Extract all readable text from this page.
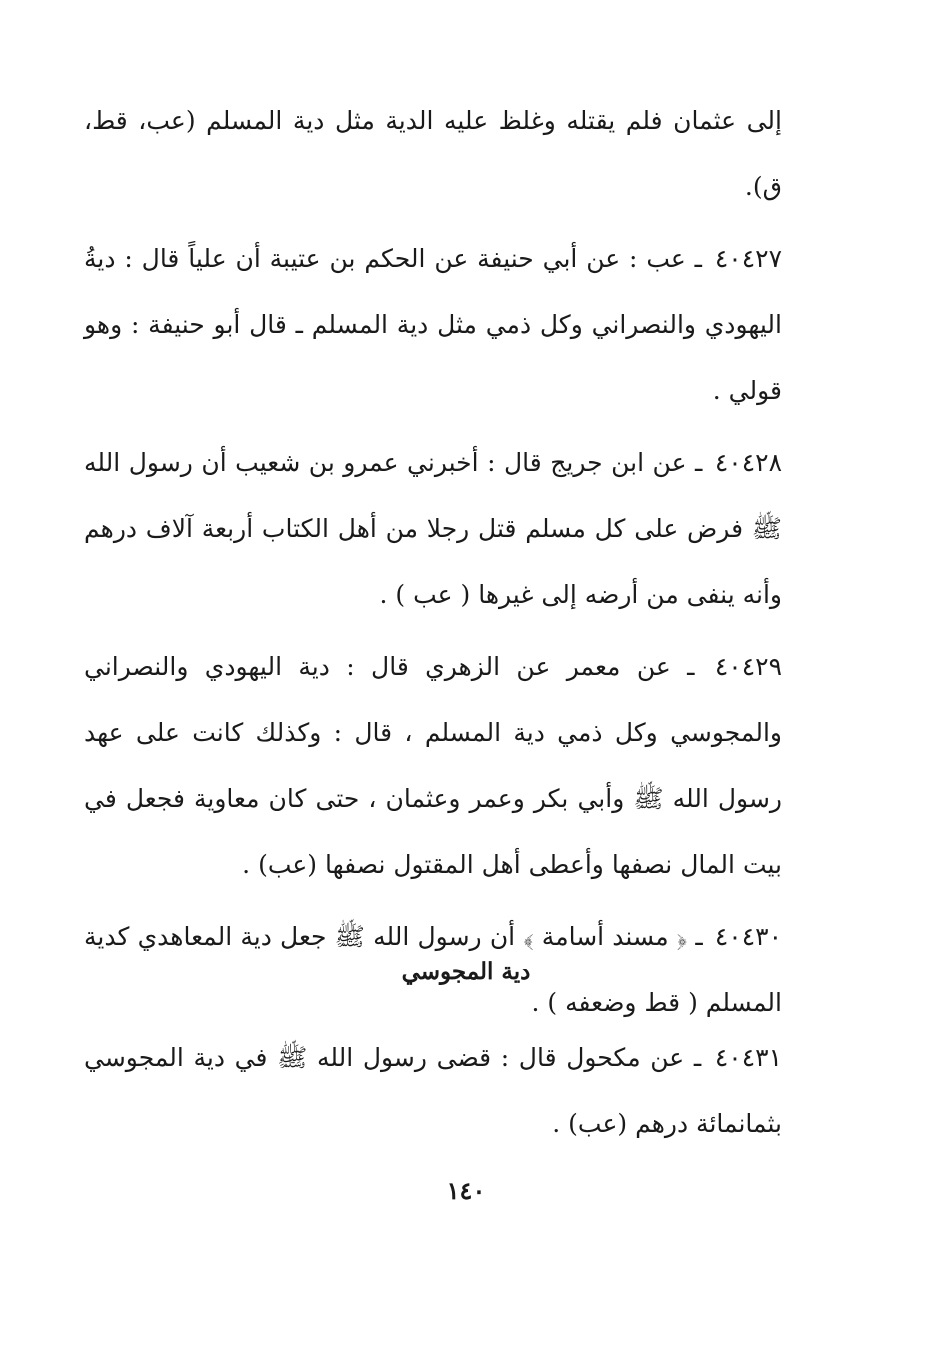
إلى عثمان فلم يقتله وغلظ عليه الدية مثل دية المسلم (عب، قط، ق).

٤٠٤٢٧ ـ عب : عن أبي حنيفة عن الحكم بن عتيبة أن علياً قال : ديةُ اليهودي والنصراني وكل ذمي مثل دية المسلم ـ قال أبو حنيفة : وهو قولي .

٤٠٤٢٨ ـ عن ابن جريج قال : أخبرني عمرو بن شعيب أن رسول الله ﷺ فرض على كل مسلم قتل رجلا من أهل الكتاب أربعة آلاف درهم وأنه ينفى من أرضه إلى غيرها ( عب ) .

٤٠٤٢٩ ـ عن معمر عن الزهري قال : دية اليهودي والنصراني والمجوسي وكل ذمي دية المسلم ، قال : وكذلك كانت على عهد رسول الله ﷺ وأبي بكر وعمر وعثمان ، حتى كان معاوية فجعل في بيت المال نصفها وأعطى أهل المقتول نصفها (عب) .

٤٠٤٣٠ ـ ﴿ مسند أسامة ﴾ أن رسول الله ﷺ جعل دية المعاهدي كدية المسلم ( قط وضعفه ) .

دية المجوسي

٤٠٤٣١ ـ عن مكحول قال : قضى رسول الله ﷺ في دية المجوسي بثمانمائة درهم (عب) .

١٤٠
